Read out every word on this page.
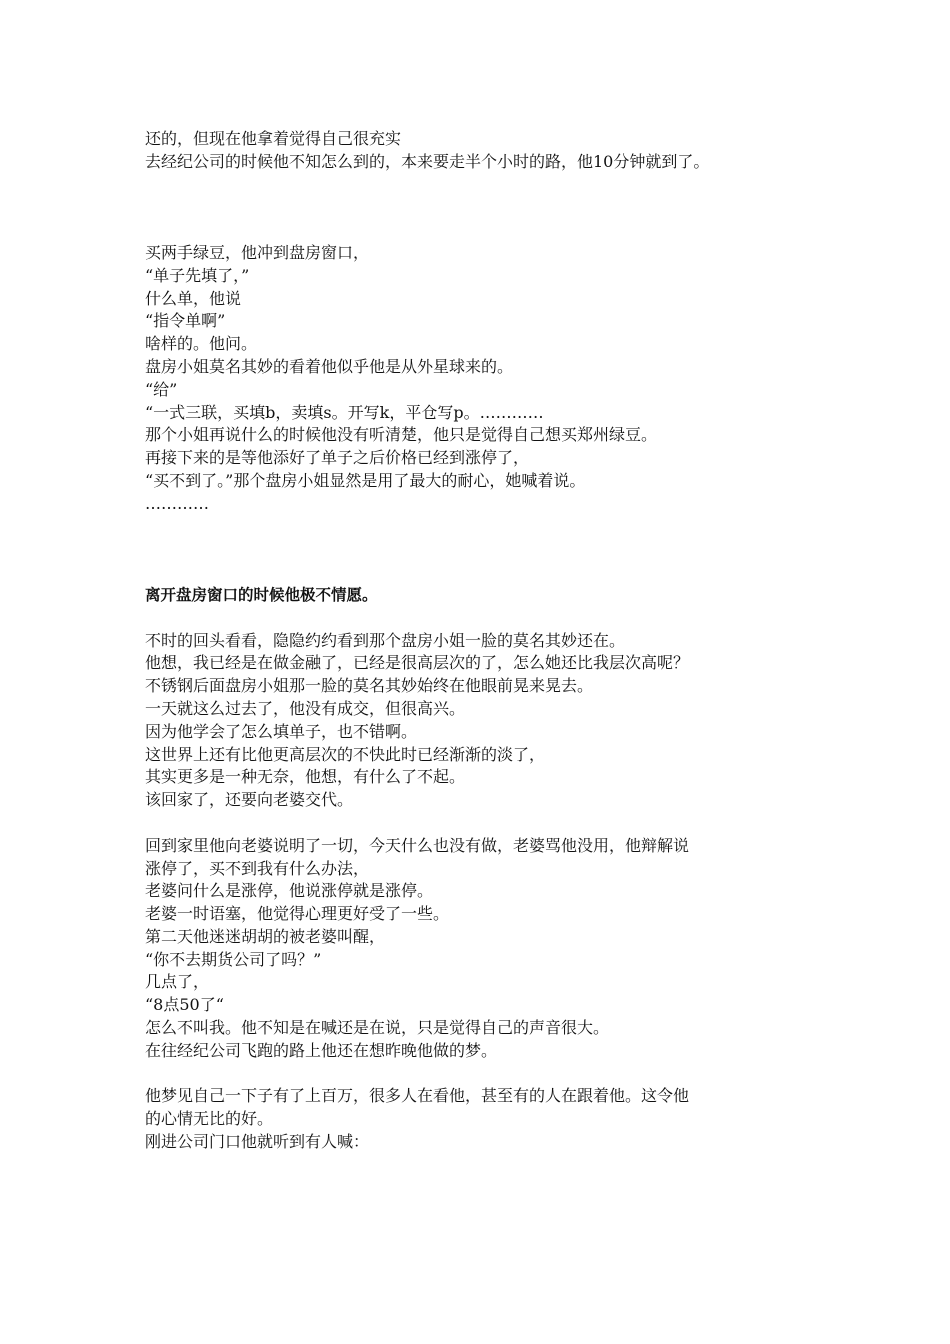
还的，但现在他拿着觉得自己很充实
去经纪公司的时候他不知怎么到的，本来要走半个小时的路，他10分钟就到了。
买两手绿豆，他冲到盘房窗口，
“单子先填了，”
什么单，他说
“指令单啊”
啥样的。他问。
盘房小姐莫名其妙的看着他似乎他是从外星球来的。
“给”
“一式三联，买填b，卖填s。开写k，平仓写p。…………
那个小姐再说什么的时候他没有听清楚，他只是觉得自己想买郑州绿豆。
再接下来的是等他添好了单子之后价格已经到涨停了，
“买不到了。”那个盘房小姐显然是用了最大的耐心，她喊着说。
…………
离开盘房窗口的时候他极不情愿。
不时的回头看看，隐隐约约看到那个盘房小姐一脸的莫名其妙还在。
他想，我已经是在做金融了，已经是很高层次的了，怎么她还比我层次高呢？
不锈钢后面盘房小姐那一脸的莫名其妙始终在他眼前晃来晃去。
一天就这么过去了，他没有成交，但很高兴。
因为他学会了怎么填单子，也不错啊。
这世界上还有比他更高层次的不快此时已经渐渐的淡了，
其实更多是一种无奈，他想，有什么了不起。
该回家了，还要向老婆交代。
回到家里他向老婆说明了一切，今天什么也没有做，老婆骂他没用，他辩解说
涨停了，买不到我有什么办法，
老婆问什么是涨停，他说涨停就是涨停。
老婆一时语塞，他觉得心理更好受了一些。
第二天他迷迷胡胡的被老婆叫醒，
“你不去期货公司了吗？”
几点了，
“8点50了“
怎么不叫我。他不知是在喊还是在说，只是觉得自己的声音很大。
在往经纪公司飞跑的路上他还在想昨晚他做的梦。
他梦见自己一下子有了上百万，很多人在看他，甚至有的人在跟着他。这令他
的心情无比的好。
刚进公司门口他就听到有人喊：
